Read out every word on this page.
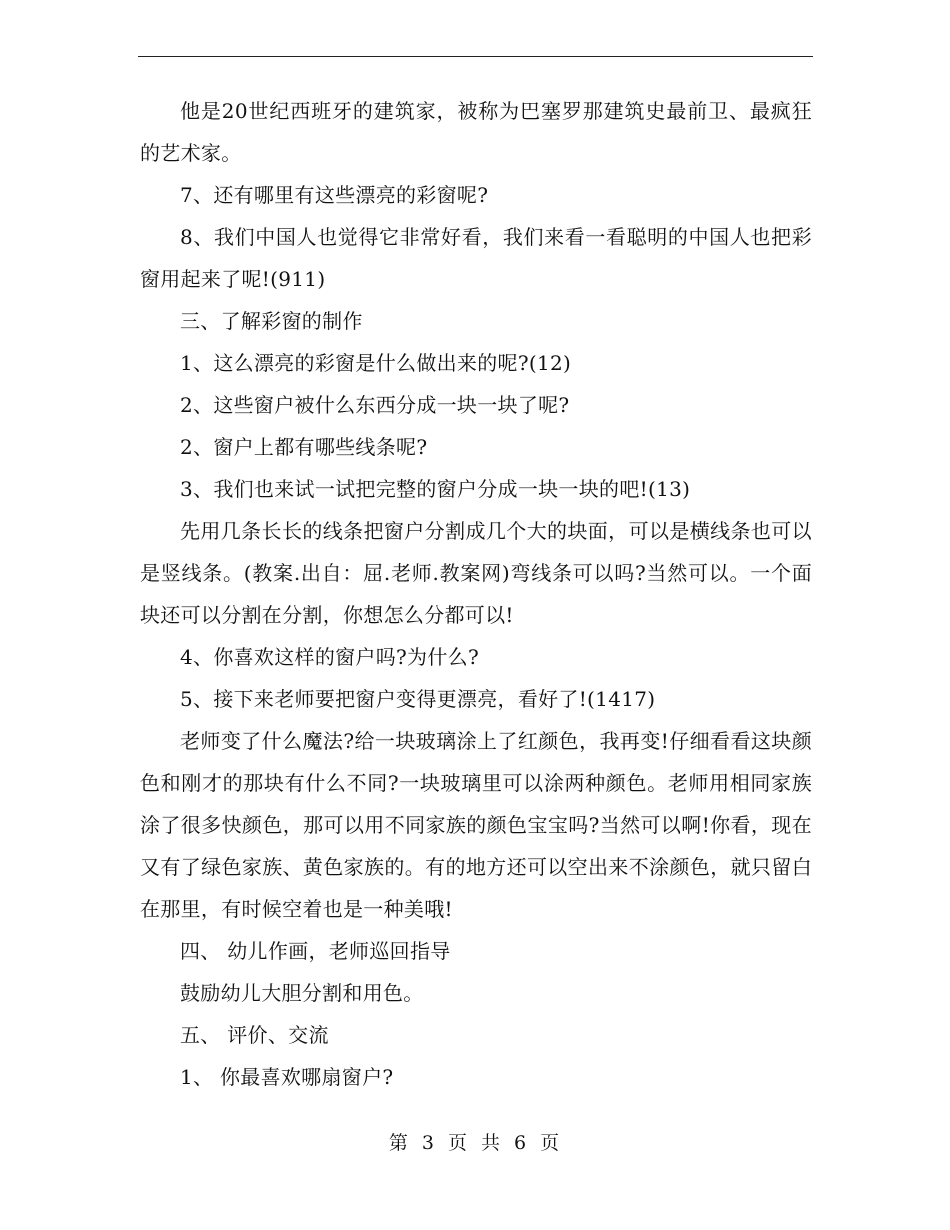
他是20世纪西班牙的建筑家，被称为巴塞罗那建筑史最前卫、最疯狂的艺术家。

7、还有哪里有这些漂亮的彩窗呢?

8、我们中国人也觉得它非常好看，我们来看一看聪明的中国人也把彩窗用起来了呢!(911)

三、了解彩窗的制作

1、这么漂亮的彩窗是什么做出来的呢?(12)

2、这些窗户被什么东西分成一块一块了呢?

2、窗户上都有哪些线条呢?

3、我们也来试一试把完整的窗户分成一块一块的吧!(13)

先用几条长长的线条把窗户分割成几个大的块面，可以是横线条也可以是竖线条。(教案.出自：屈.老师.教案网)弯线条可以吗?当然可以。一个面块还可以分割在分割，你想怎么分都可以!

4、你喜欢这样的窗户吗?为什么?

5、接下来老师要把窗户变得更漂亮，看好了!(1417)

老师变了什么魔法?给一块玻璃涂上了红颜色，我再变!仔细看看这块颜色和刚才的那块有什么不同?一块玻璃里可以涂两种颜色。老师用相同家族涂了很多快颜色，那可以用不同家族的颜色宝宝吗?当然可以啊!你看，现在又有了绿色家族、黄色家族的。有的地方还可以空出来不涂颜色，就只留白在那里，有时候空着也是一种美哦!

四、 幼儿作画，老师巡回指导

鼓励幼儿大胆分割和用色。

五、 评价、交流

1、 你最喜欢哪扇窗户?

第 3 页 共 6 页
